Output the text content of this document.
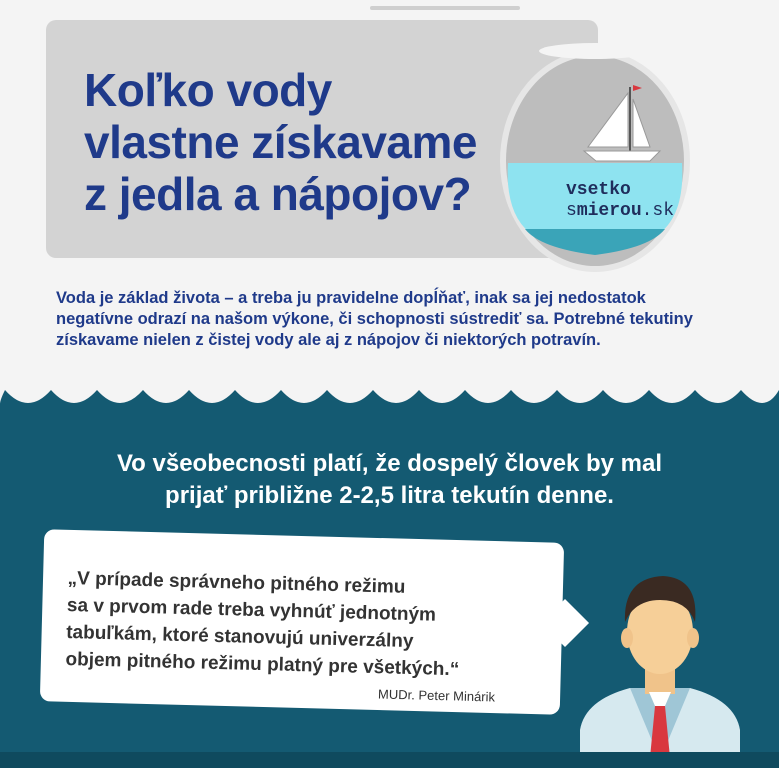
Koľko vody
vlastne získavame
z jedla a nápojov?	vsetko
smierou.sk

Voda je základ života – a treba ju pravidelne dopĺňať, inak sa jej nedostatok
negatívne odrazí na našom výkone, či schopnosti sústrediť sa. Potrebné tekutiny
získavame nielen z čistej vody ale aj z nápojov či niektorých potravín.

Vo všeobecnosti platí, že dospelý človek by mal
prijať približne 2-2,5 litra tekutín denne.
„V prípade správneho pitného režimu
sa v prvom rade treba vyhnúť jednotným
tabuľkám, ktoré stanovujú univerzálny
objem pitného režimu platný pre všetkých.“
MUDr. Peter Minárik
